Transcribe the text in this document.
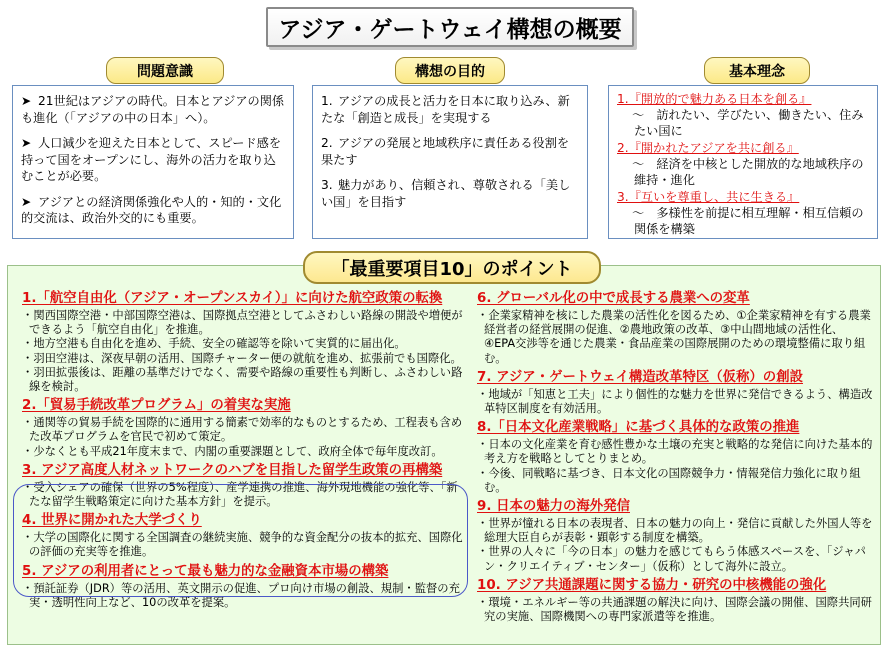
アジア・ゲートウェイ構想の概要
問題意識	構想の目的	基本理念

➤ 21世紀はアジアの時代。日本とアジアの関係も進化（「アジアの中の日本」へ）。

➤ 人口減少を迎えた日本として、スピード感を持って国をオープンにし、海外の活力を取り込むことが必要。

➤ アジアとの経済関係強化や人的・知的・文化的交流は、政治外交的にも重要。

1. アジアの成長と活力を日本に取り込み、新たな「創造と成長」を実現する

2. アジアの発展と地域秩序に責任ある役割を果たす

3. 魅力があり、信頼され、尊敬される「美しい国」を目指す

1.『開放的で魅力ある日本を創る』
〜　訪れたい、学びたい、働きたい、住みたい国に
2.『開かれたアジアを共に創る』
〜　経済を中核とした開放的な地域秩序の維持・進化
3.『互いを尊重し、共に生きる』
〜　多様性を前提に相互理解・相互信頼の関係を構築
「最重要項目10」のポイント
1.「航空自由化（アジア・オープンスカイ）」に向けた航空政策の転換
・関西国際空港・中部国際空港は、国際拠点空港としてふさわしい路線の開設や増便ができるよう「航空自由化」を推進。
・地方空港も自由化を進め、手続、安全の確認等を除いて実質的に届出化。
・羽田空港は、深夜早朝の活用、国際チャーター便の就航を進め、拡張前でも国際化。
・羽田拡張後は、距離の基準だけでなく、需要や路線の重要性も判断し、ふさわしい路線を検討。
2.「貿易手続改革プログラム」の着実な実施
・通関等の貿易手続を国際的に通用する簡素で効率的なものとするため、工程表も含めた改革プログラムを官民で初めて策定。
・少なくとも平成21年度末まで、内閣の重要課題として、政府全体で毎年度改訂。
3. アジア高度人材ネットワークのハブを目指した留学生政策の再構築
・受入シェアの確保（世界の5%程度）、産学連携の推進、海外現地機能の強化等、「新たな留学生戦略策定に向けた基本方針」を提示。
4. 世界に開かれた大学づくり
・大学の国際化に関する全国調査の継続実施、競争的な資金配分の抜本的拡充、国際化の評価の充実等を推進。
5. アジアの利用者にとって最も魅力的な金融資本市場の構築
・預託証券（JDR）等の活用、英文開示の促進、プロ向け市場の創設、規制・監督の充実・透明性向上など、10の改革を提案。
6. グローバル化の中で成長する農業への変革
・企業家精神を核にした農業の活性化を図るため、①企業家精神を有する農業経営者の経営展開の促進、②農地政策の改革、③中山間地域の活性化、④EPA交渉等を通じた農業・食品産業の国際展開のための環境整備に取り組む。
7. アジア・ゲートウェイ構造改革特区（仮称）の創設
・地域が「知恵と工夫」により個性的な魅力を世界に発信できるよう、構造改革特区制度を有効活用。
8.「日本文化産業戦略」に基づく具体的な政策の推進
・日本の文化産業を育む感性豊かな土壌の充実と戦略的な発信に向けた基本的考え方を戦略としてとりまとめ。
・今後、同戦略に基づき、日本文化の国際競争力・情報発信力強化に取り組む。
9. 日本の魅力の海外発信
・世界が憧れる日本の表現者、日本の魅力の向上・発信に貢献した外国人等を総理大臣自らが表彰・顕彰する制度を構築。
・世界の人々に「今の日本」の魅力を感じてもらう体感スペースを、「ジャパン・クリエイティブ・センター」（仮称）として海外に設立。
10. アジア共通課題に関する協力・研究の中核機能の強化
・環境・エネルギー等の共通課題の解決に向け、国際会議の開催、国際共同研究の実施、国際機関への専門家派遣等を推進。
